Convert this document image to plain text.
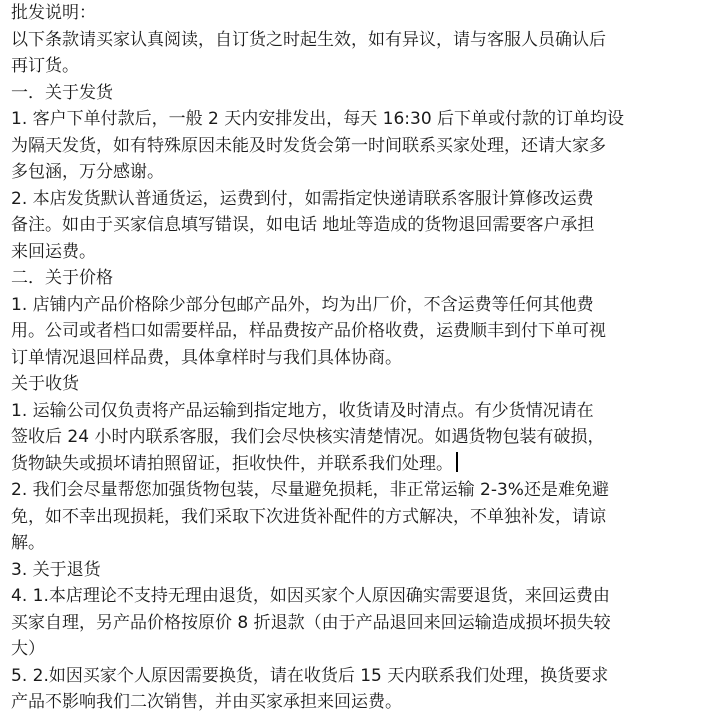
批发说明：
以下条款请买家认真阅读，自订货之时起生效，如有异议，请与客服人员确认后
再订货。
一．关于发货
1. 客户下单付款后，一般 2 天内安排发出，每天 16:30 后下单或付款的订单均设
为隔天发货，如有特殊原因未能及时发货会第一时间联系买家处理，还请大家多
多包涵，万分感谢。
2. 本店发货默认普通货运，运费到付，如需指定快递请联系客服计算修改运费
备注。如由于买家信息填写错误，如电话 地址等造成的货物退回需要客户承担
来回运费。
二．关于价格
1. 店铺内产品价格除少部分包邮产品外，均为出厂价，不含运费等任何其他费
用。公司或者档口如需要样品，样品费按产品价格收费，运费顺丰到付下单可视
订单情况退回样品费，具体拿样时与我们具体协商。
关于收货
1. 运输公司仅负责将产品运输到指定地方，收货请及时清点。有少货情况请在
签收后 24 小时内联系客服，我们会尽快核实清楚情况。如遇货物包装有破损，
货物缺失或损坏请拍照留证，拒收快件，并联系我们处理。
2. 我们会尽量帮您加强货物包装，尽量避免损耗，非正常运输 2-3%还是难免避
免，如不幸出现损耗，我们采取下次进货补配件的方式解决，不单独补发，请谅
解。
3. 关于退货
4. 1.本店理论不支持无理由退货，如因买家个人原因确实需要退货，来回运费由
买家自理，另产品价格按原价 8 折退款（由于产品退回来回运输造成损坏损失较
大）
5. 2.如因买家个人原因需要换货，请在收货后 15 天内联系我们处理，换货要求
产品不影响我们二次销售，并由买家承担来回运费。
